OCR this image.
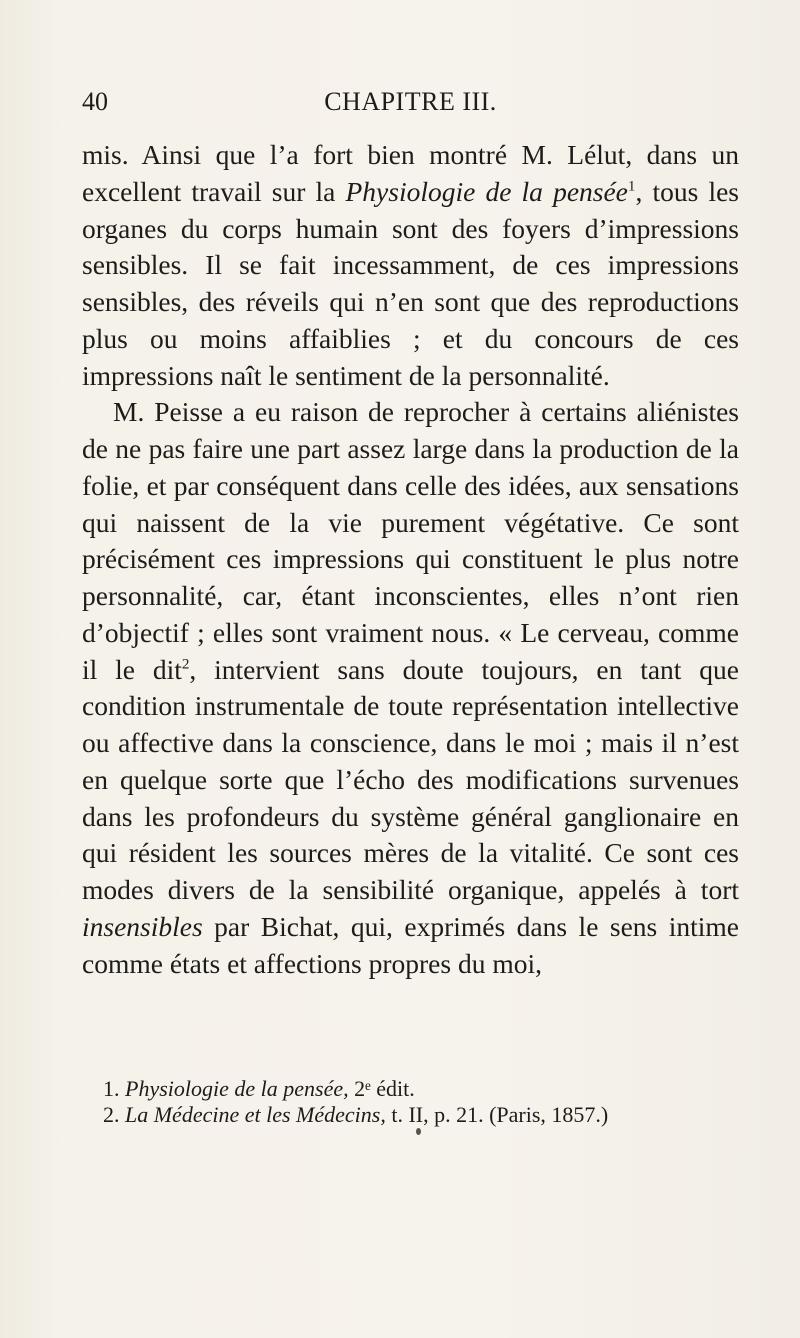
40	CHAPITRE III.

mis. Ainsi que l’a fort bien montré M. Lélut, dans un excellent travail sur la Physiologie de la pensée$^1$, tous les organes du corps humain sont des foyers d’impressions sensibles. Il se fait incessamment, de ces impressions sensibles, des réveils qui n’en sont que des reproductions plus ou moins affaiblies ; et du concours de ces impressions naît le sentiment de la personnalité.

M. Peisse a eu raison de reprocher à certains aliénistes de ne pas faire une part assez large dans la production de la folie, et par conséquent dans celle des idées, aux sensations qui naissent de la vie purement végétative. Ce sont précisément ces impressions qui constituent le plus notre personnalité, car, étant inconscientes, elles n’ont rien d’objectif ; elles sont vraiment nous. « Le cerveau, comme il le dit$^2$, intervient sans doute toujours, en tant que condition instrumentale de toute représentation intellective ou affective dans la conscience, dans le moi ; mais il n’est en quelque sorte que l’écho des modifications survenues dans les profondeurs du système général ganglionaire en qui résident les sources mères de la vitalité. Ce sont ces modes divers de la sensibilité organique, appelés à tort insensibles par Bichat, qui, exprimés dans le sens intime comme états et affections propres du moi,

1. Physiologie de la pensée, 2ᵉ édit.

2. La Médecine et les Médecins, t. II, p. 21. (Paris, 1857.)
